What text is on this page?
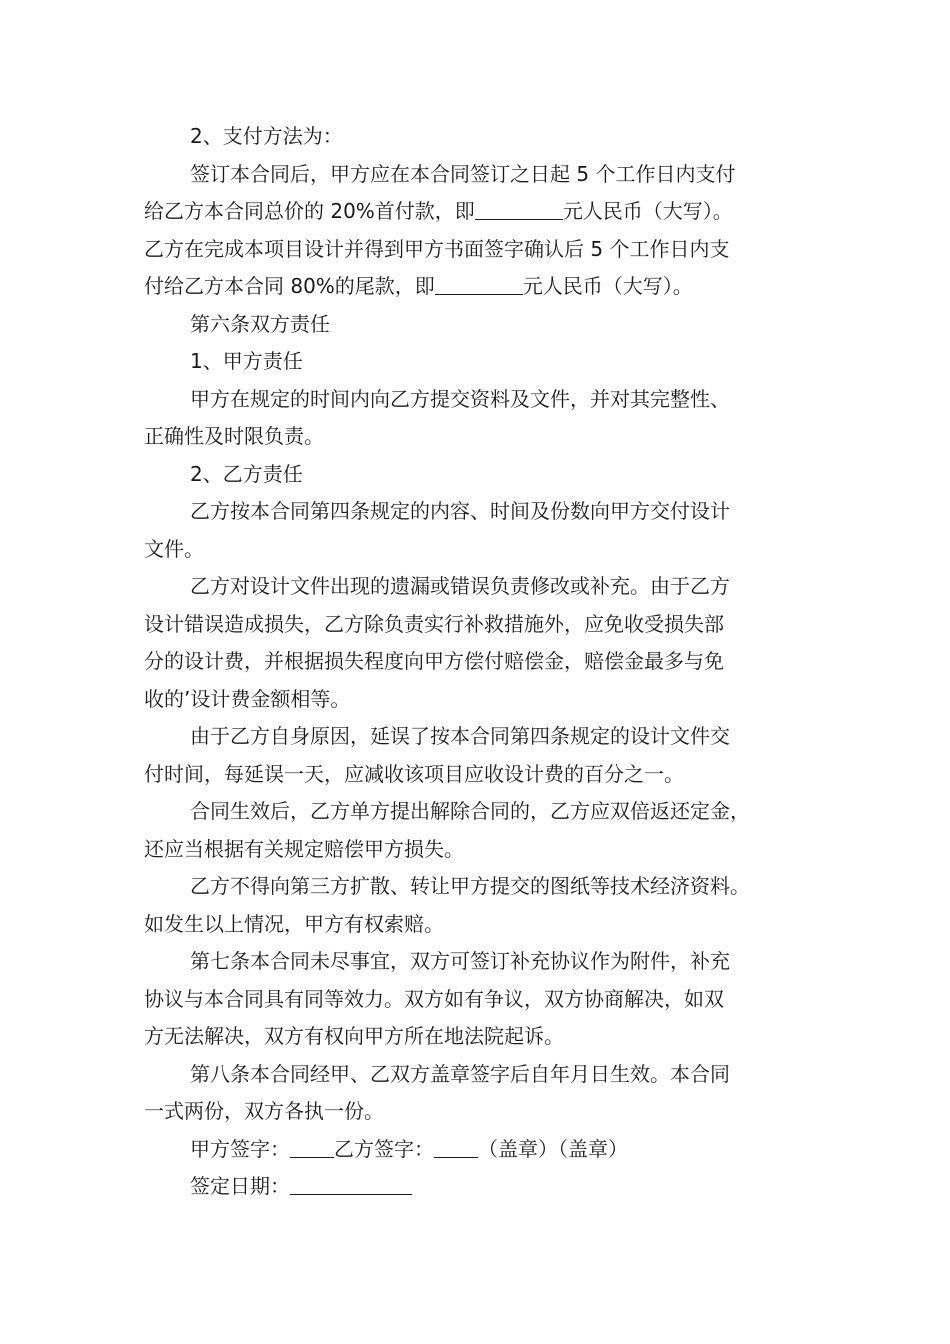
2、支付方法为：
签订本合同后，甲方应在本合同签订之日起 5 个工作日内支付
给乙方本合同总价的 20%首付款，即	元人民币（大写）。
乙方在完成本项目设计并得到甲方书面签字确认后 5 个工作日内支
付给乙方本合同 80%的尾款，即	元人民币（大写）。
第六条双方责任
1、甲方责任
甲方在规定的时间内向乙方提交资料及文件，并对其完整性、
正确性及时限负责。
2、乙方责任
乙方按本合同第四条规定的内容、时间及份数向甲方交付设计
文件。
乙方对设计文件出现的遗漏或错误负责修改或补充。由于乙方
设计错误造成损失，乙方除负责实行补救措施外，应免收受损失部
分的设计费，并根据损失程度向甲方偿付赔偿金，赔偿金最多与免
收的’设计费金额相等。
由于乙方自身原因，延误了按本合同第四条规定的设计文件交
付时间，每延误一天，应减收该项目应收设计费的百分之一。
合同生效后，乙方单方提出解除合同的，乙方应双倍返还定金，
还应当根据有关规定赔偿甲方损失。
乙方不得向第三方扩散、转让甲方提交的图纸等技术经济资料。
如发生以上情况，甲方有权索赔。
第七条本合同未尽事宜，双方可签订补充协议作为附件，补充
协议与本合同具有同等效力。双方如有争议，双方协商解决，如双
方无法解决，双方有权向甲方所在地法院起诉。
第八条本合同经甲、乙双方盖章签字后自年月日生效。本合同
一式两份，双方各执一份。
甲方签字： 乙方签字： （盖章）（盖章）
签定日期：
